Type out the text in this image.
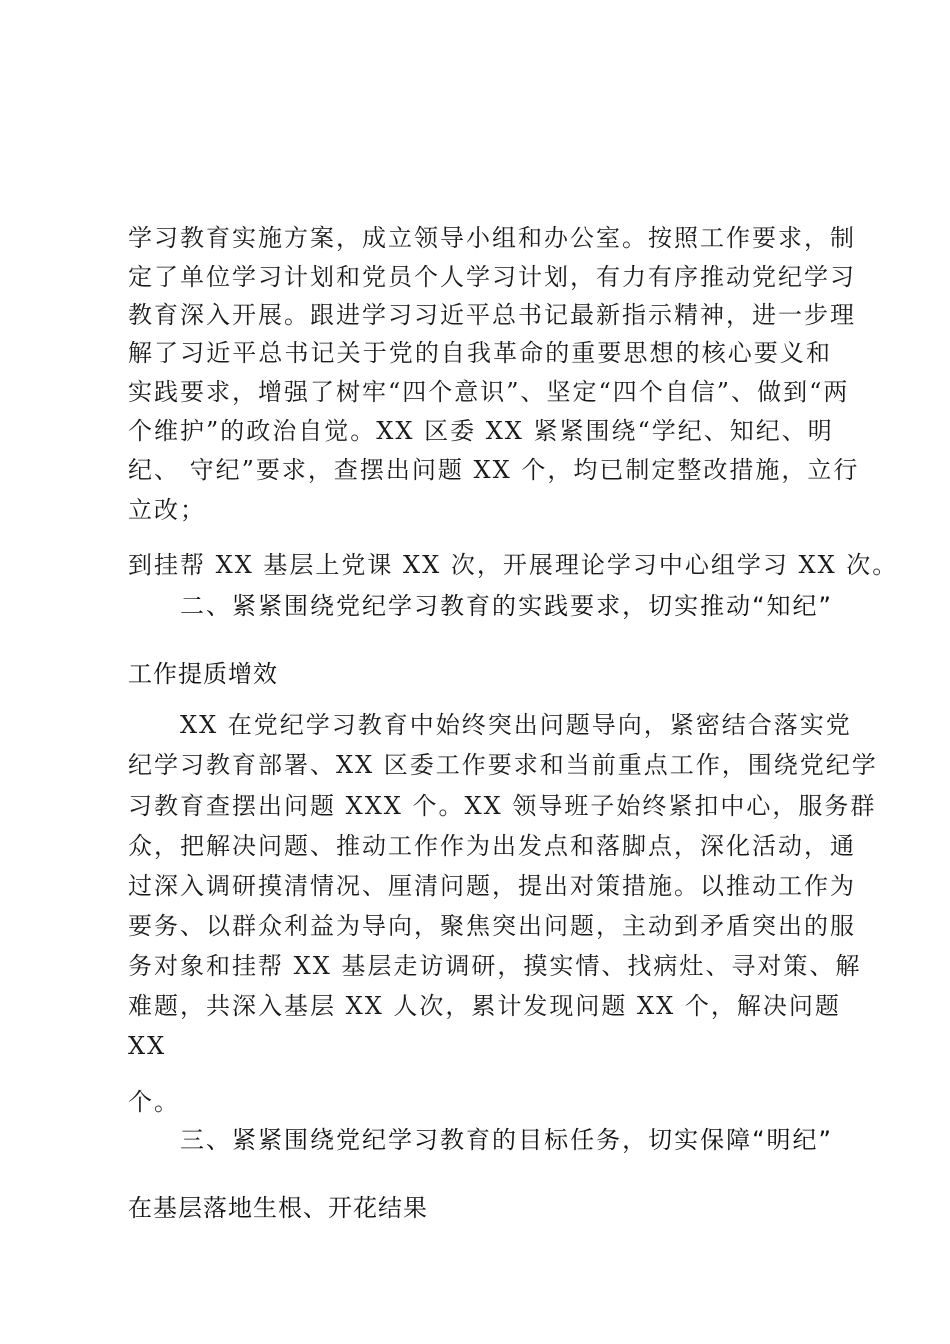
学习教育实施方案，成立领导小组和办公室。按照工作要求，制
定了单位学习计划和党员个人学习计划，有力有序推动党纪学习
教育深入开展。跟进学习习近平总书记最新指示精神，进一步理
解了习近平总书记关于党的自我革命的重要思想的核心要义和
实践要求，增强了树牢“四个意识”、坚定“四个自信”、做到“两
个维护”的政治自觉。XX 区委 XX 紧紧围绕“学纪、知纪、明
纪、 守纪”要求，查摆出问题 XX 个，均已制定整改措施，立行
立改；
到挂帮 XX 基层上党课 XX 次，开展理论学习中心组学习 XX 次。
二、紧紧围绕党纪学习教育的实践要求，切实推动“知纪”
工作提质增效
XX 在党纪学习教育中始终突出问题导向，紧密结合落实党
纪学习教育部署、XX 区委工作要求和当前重点工作，围绕党纪学
习教育查摆出问题 XXX 个。XX 领导班子始终紧扣中心，服务群
众，把解决问题、推动工作作为出发点和落脚点，深化活动，通
过深入调研摸清情况、厘清问题，提出对策措施。以推动工作为
要务、以群众利益为导向，聚焦突出问题，主动到矛盾突出的服
务对象和挂帮 XX 基层走访调研，摸实情、找病灶、寻对策、解
难题，共深入基层 XX 人次，累计发现问题 XX 个，解决问题
XX
个。
三、紧紧围绕党纪学习教育的目标任务，切实保障“明纪”
在基层落地生根、开花结果
